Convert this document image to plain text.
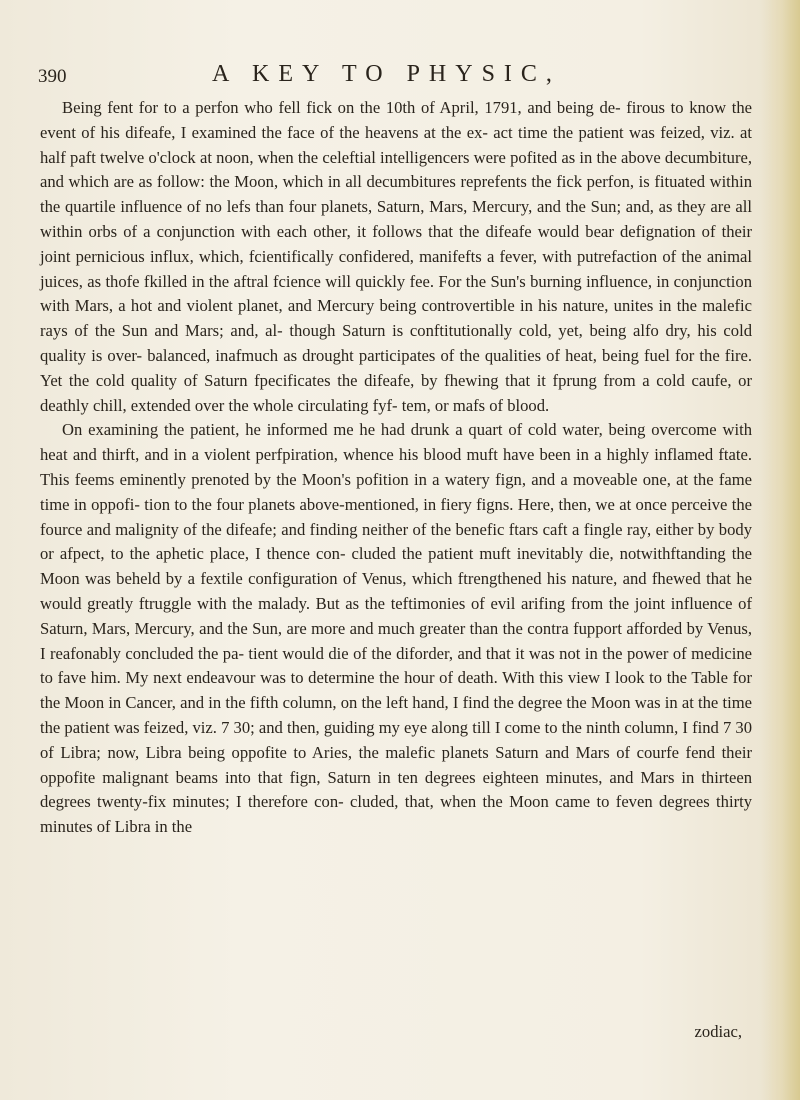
390	A KEY TO PHYSIC,

Being fent for to a perfon who fell fick on the 10th of April, 1791, and being de- firous to know the event of his difeafe, I examined the face of the heavens at the ex- act time the patient was feized, viz. at half paft twelve o'clock at noon, when the celeftial intelligencers were pofited as in the above decumbiture, and which are as follow: the Moon, which in all decumbitures reprefents the fick perfon, is fituated within the quartile influence of no lefs than four planets, Saturn, Mars, Mercury, and the Sun; and, as they are all within orbs of a conjunction with each other, it follows that the difeafe would bear defignation of their joint pernicious influx, which, fcientifically confidered, manifefts a fever, with putrefaction of the animal juices, as thofe fkilled in the aftral fcience will quickly fee. For the Sun's burning influence, in conjunction with Mars, a hot and violent planet, and Mercury being controvertible in his nature, unites in the malefic rays of the Sun and Mars; and, al- though Saturn is conftitutionally cold, yet, being alfo dry, his cold quality is over- balanced, inafmuch as drought participates of the qualities of heat, being fuel for the fire. Yet the cold quality of Saturn fpecificates the difeafe, by fhewing that it fprung from a cold caufe, or deathly chill, extended over the whole circulating fyf- tem, or mafs of blood.

On examining the patient, he informed me he had drunk a quart of cold water, being overcome with heat and thirft, and in a violent perfpiration, whence his blood muft have been in a highly inflamed ftate. This feems eminently prenoted by the Moon's pofition in a watery fign, and a moveable one, at the fame time in oppofi- tion to the four planets above-mentioned, in fiery figns. Here, then, we at once perceive the fource and malignity of the difeafe; and finding neither of the benefic ftars caft a fingle ray, either by body or afpect, to the aphetic place, I thence con- cluded the patient muft inevitably die, notwithftanding the Moon was beheld by a fextile configuration of Venus, which ftrengthened his nature, and fhewed that he would greatly ftruggle with the malady. But as the teftimonies of evil arifing from the joint influence of Saturn, Mars, Mercury, and the Sun, are more and much greater than the contra fupport afforded by Venus, I reafonably concluded the pa- tient would die of the diforder, and that it was not in the power of medicine to fave him. My next endeavour was to determine the hour of death. With this view I look to the Table for the Moon in Cancer, and in the fifth column, on the left hand, I find the degree the Moon was in at the time the patient was feized, viz. 7 30; and then, guiding my eye along till I come to the ninth column, I find 7 30 of Libra; now, Libra being oppofite to Aries, the malefic planets Saturn and Mars of courfe fend their oppofite malignant beams into that fign, Saturn in ten degrees eighteen minutes, and Mars in thirteen degrees twenty-fix minutes; I therefore con- cluded, that, when the Moon came to feven degrees thirty minutes of Libra in the

zodiac,
